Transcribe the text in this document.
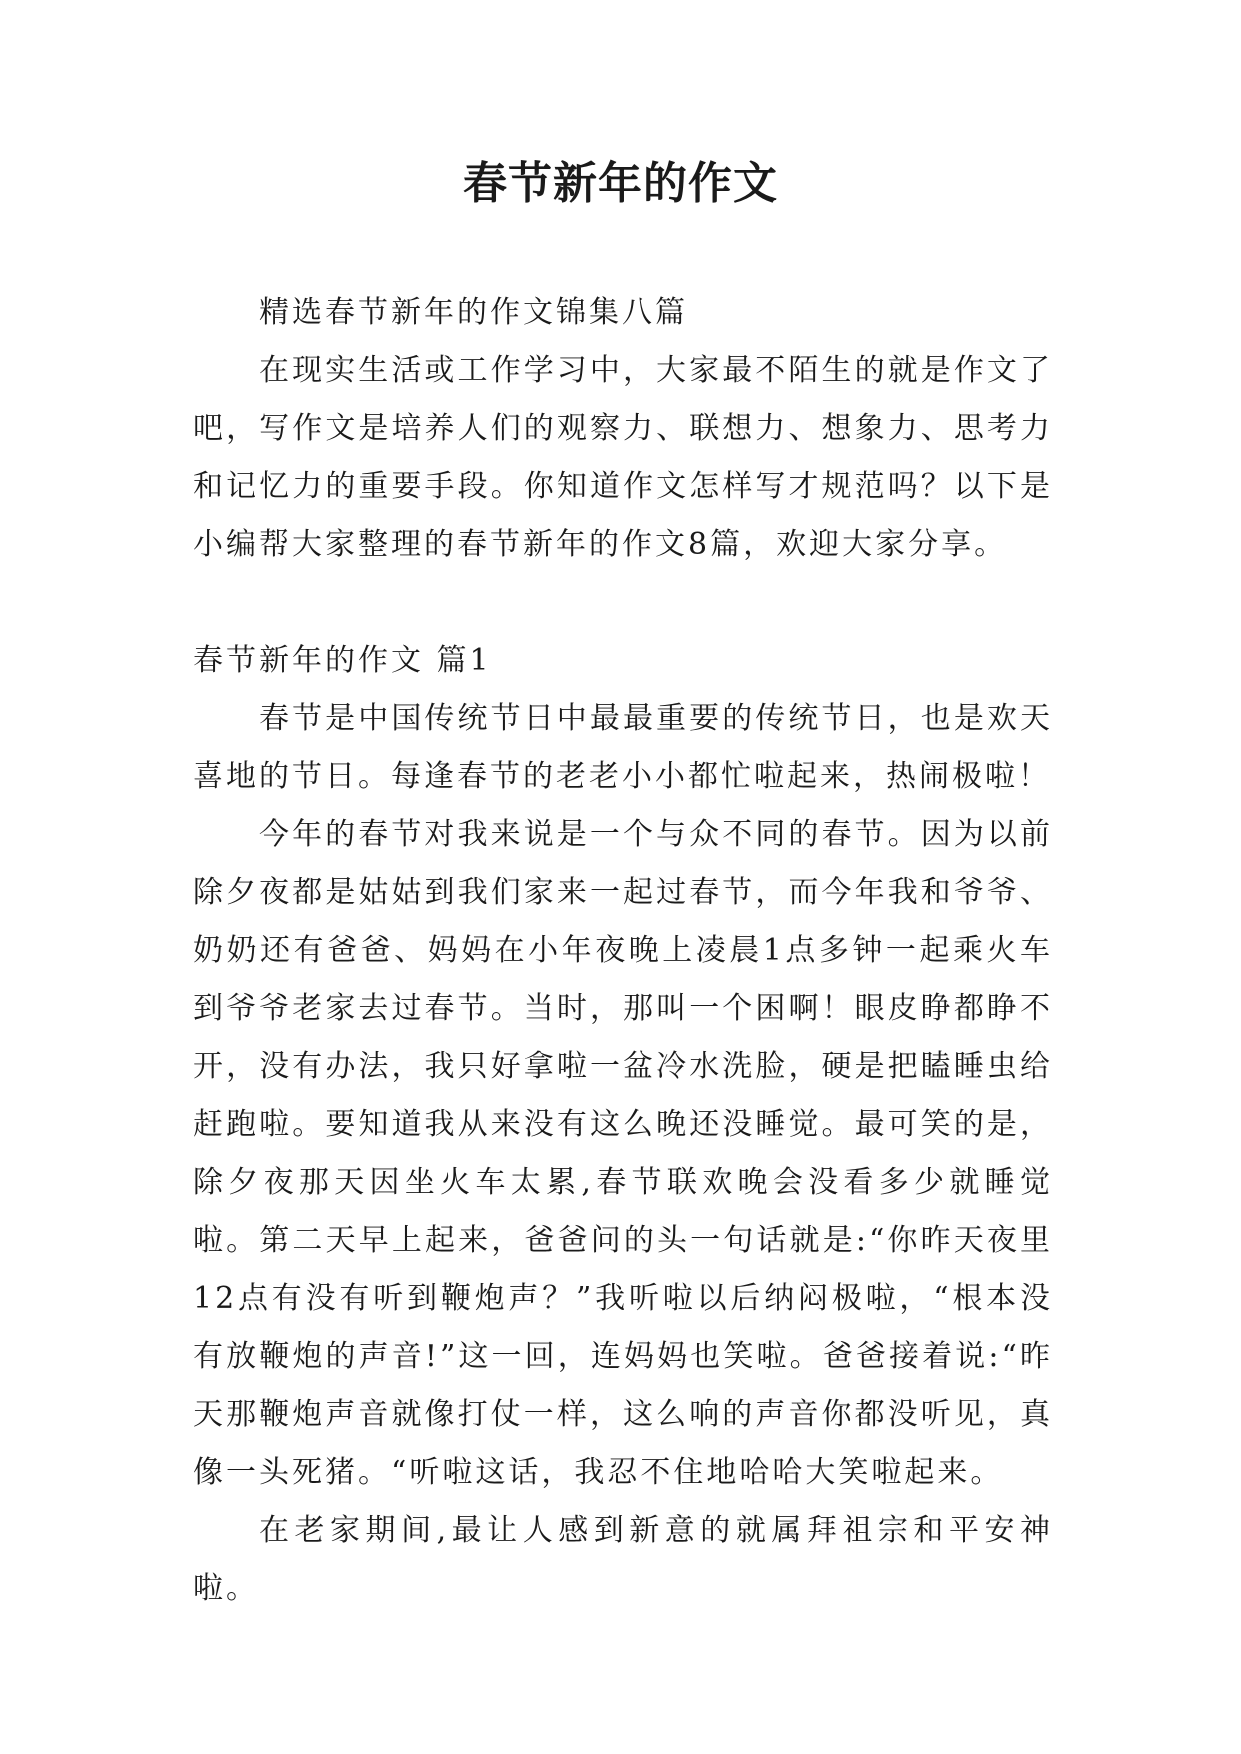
春节新年的作文

精选春节新年的作文锦集八篇

在现实生活或工作学习中，大家最不陌生的就是作文了吧，写作文是培养人们的观察力、联想力、想象力、思考力和记忆力的重要手段。你知道作文怎样写才规范吗？以下是小编帮大家整理的春节新年的作文8篇，欢迎大家分享。

春节新年的作文 篇1

春节是中国传统节日中最最重要的传统节日，也是欢天喜地的节日。每逢春节的老老小小都忙啦起来，热闹极啦！

今年的春节对我来说是一个与众不同的春节。因为以前除夕夜都是姑姑到我们家来一起过春节，而今年我和爷爷、奶奶还有爸爸、妈妈在小年夜晚上凌晨1点多钟一起乘火车到爷爷老家去过春节。当时，那叫一个困啊！眼皮睁都睁不开，没有办法，我只好拿啦一盆冷水洗脸，硬是把瞌睡虫给赶跑啦。要知道我从来没有这么晚还没睡觉。最可笑的是，除夕夜那天因坐火车太累,春节联欢晚会没看多少就睡觉啦。第二天早上起来，爸爸问的头一句话就是:“你昨天夜里12点有没有听到鞭炮声？”我听啦以后纳闷极啦，“根本没有放鞭炮的声音!”这一回，连妈妈也笑啦。爸爸接着说:“昨天那鞭炮声音就像打仗一样，这么响的声音你都没听见，真像一头死猪。“听啦这话，我忍不住地哈哈大笑啦起来。

在老家期间,最让人感到新意的就属拜祖宗和平安神啦。
